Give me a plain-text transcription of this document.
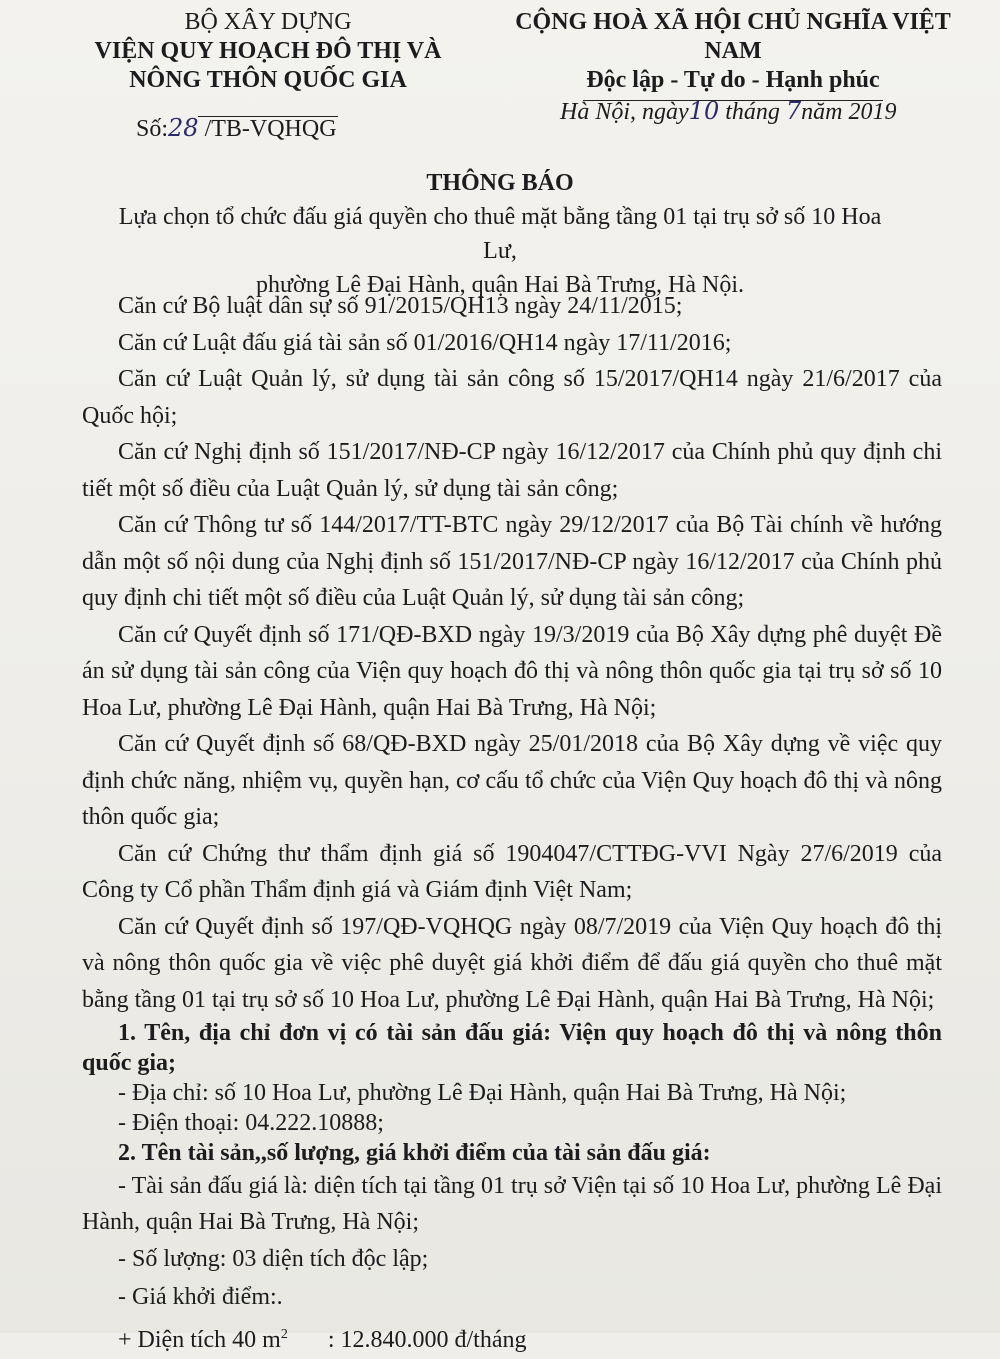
BỘ XÂY DỰNG
VIỆN QUY HOẠCH ĐÔ THỊ VÀ
NÔNG THÔN QUỐC GIA
Số:28 /TB-VQHQG
CỘNG HOÀ XÃ HỘI CHỦ NGHĨA VIỆT NAM
Độc lập - Tự do - Hạnh phúc
Hà Nội, ngày10 tháng 7năm 2019
THÔNG BÁO
Lựa chọn tổ chức đấu giá quyền cho thuê mặt bằng tầng 01 tại trụ sở số 10 Hoa Lư,
phường Lê Đại Hành, quận Hai Bà Trưng, Hà Nội.

Căn cứ Bộ luật dân sự số 91/2015/QH13 ngày 24/11/2015;

Căn cứ Luật đấu giá tài sản số 01/2016/QH14 ngày 17/11/2016;

Căn cứ Luật Quản lý, sử dụng tài sản công số 15/2017/QH14 ngày 21/6/2017 của Quốc hội;

Căn cứ Nghị định số 151/2017/NĐ-CP ngày 16/12/2017 của Chính phủ quy định chi tiết một số điều của Luật Quản lý, sử dụng tài sản công;

Căn cứ Thông tư số 144/2017/TT-BTC ngày 29/12/2017 của Bộ Tài chính về hướng dẫn một số nội dung của Nghị định số 151/2017/NĐ-CP ngày 16/12/2017 của Chính phủ quy định chi tiết một số điều của Luật Quản lý, sử dụng tài sản công;

Căn cứ Quyết định số 171/QĐ-BXD ngày 19/3/2019 của Bộ Xây dựng phê duyệt Đề án sử dụng tài sản công của Viện quy hoạch đô thị và nông thôn quốc gia tại trụ sở số 10 Hoa Lư, phường Lê Đại Hành, quận Hai Bà Trưng, Hà Nội;

Căn cứ Quyết định số 68/QĐ-BXD ngày 25/01/2018 của Bộ Xây dựng về việc quy định chức năng, nhiệm vụ, quyền hạn, cơ cấu tổ chức của Viện Quy hoạch đô thị và nông thôn quốc gia;

Căn cứ Chứng thư thẩm định giá số 1904047/CTTĐG-VVI Ngày 27/6/2019 của Công ty Cổ phần Thẩm định giá và Giám định Việt Nam;

Căn cứ Quyết định số 197/QĐ-VQHQG ngày 08/7/2019 của Viện Quy hoạch đô thị và nông thôn quốc gia về việc phê duyệt giá khởi điểm để đấu giá quyền cho thuê mặt bằng tầng 01 tại trụ sở số 10 Hoa Lư, phường Lê Đại Hành, quận Hai Bà Trưng, Hà Nội;

1. Tên, địa chỉ đơn vị có tài sản đấu giá: Viện quy hoạch đô thị và nông thôn quốc gia;

- Địa chỉ: số 10 Hoa Lư, phường Lê Đại Hành, quận Hai Bà Trưng, Hà Nội;

- Điện thoại: 04.222.10888;

2. Tên tài sản,,số lượng, giá khởi điểm của tài sản đấu giá:

- Tài sản đấu giá là: diện tích tại tầng 01 trụ sở Viện tại số 10 Hoa Lư, phường Lê Đại Hành, quận Hai Bà Trưng, Hà Nội;

- Số lượng: 03 diện tích độc lập;

- Giá khởi điểm:.

+ Diện tích 40 $m^2$ : 12.840.000 đ/tháng
